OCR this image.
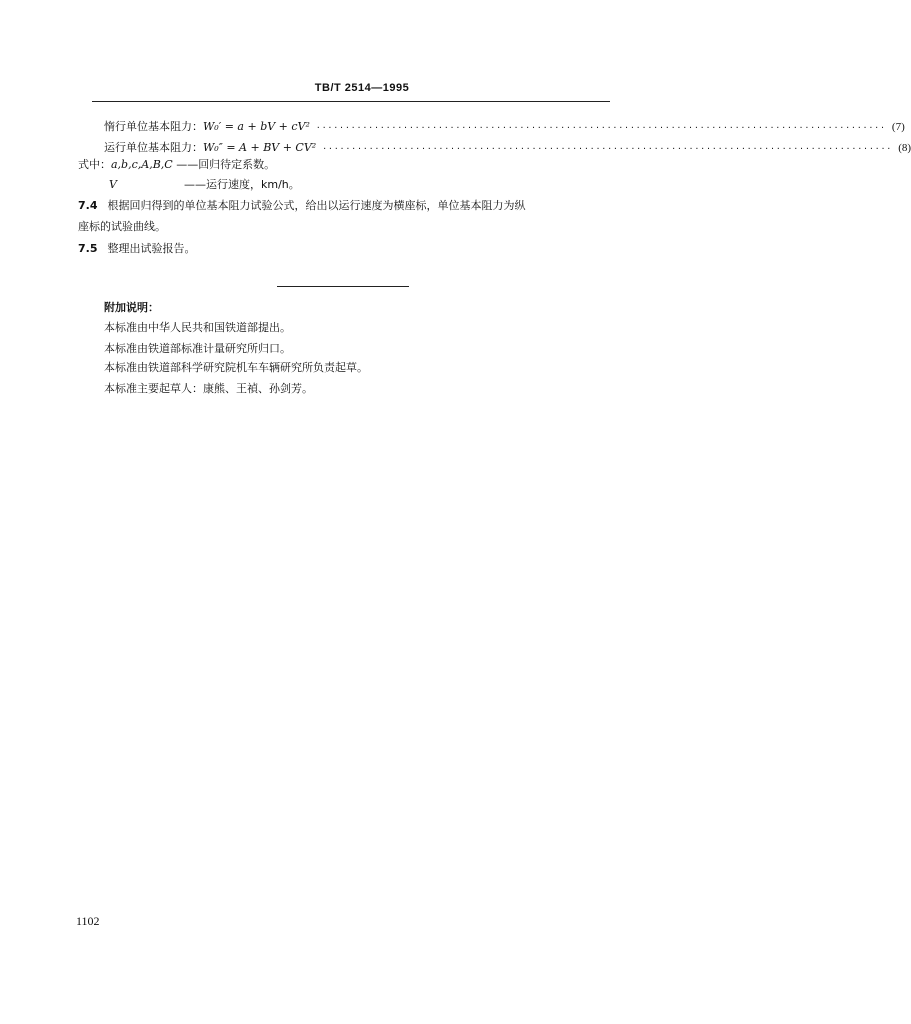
TB/T 2514—1995
惰行单位基本阻力： W₀′ = a + bV + cV² ·································································································· (7)
运行单位基本阻力： W₀″ = A + BV + CV² ·································································································· (8)
式中：a,b,c,A,B,C ——回归待定系数。
V	——运行速度，km/h。
7.4 根据回归得到的单位基本阻力试验公式，给出以运行速度为横座标，单位基本阻力为纵
座标的试验曲线。
7.5 整理出试验报告。
附加说明：
本标准由中华人民共和国铁道部提出。
本标准由铁道部标准计量研究所归口。
本标准由铁道部科学研究院机车车辆研究所负责起草。
本标准主要起草人：康熊、王禎、孙剑芳。
1102
